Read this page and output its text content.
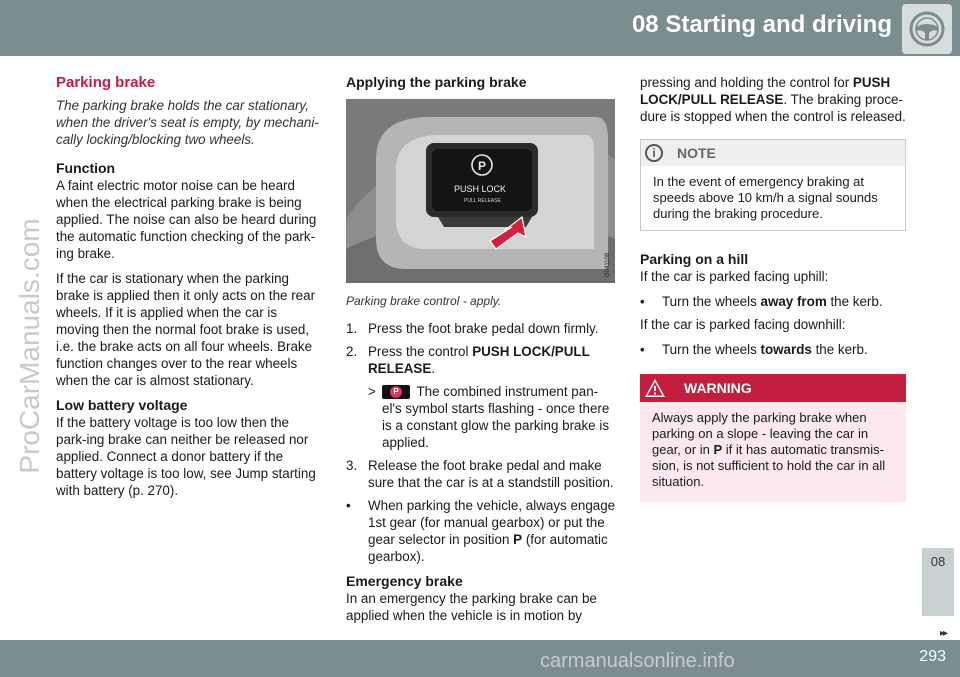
08 Starting and driving
ProCarManuals.com
Parking brake
The parking brake holds the car stationary, when the driver's seat is empty, by mechani-cally locking/blocking two wheels.
Function

A faint electric motor noise can be heard when the electrical parking brake is being applied. The noise can also be heard during the automatic function checking of the park-ing brake.

If the car is stationary when the parking brake is applied then it only acts on the rear wheels. If it is applied when the car is moving then the normal foot brake is used, i.e. the brake acts on all four wheels. Brake function changes over to the rear wheels when the car is almost stationary.

Low battery voltage

If the battery voltage is too low then the park-ing brake can neither be released nor applied. Connect a donor battery if the battery voltage is too low, see Jump starting with battery (p. 270).

Applying the parking brake
P
PUSH LOCK
PULL RELEASE
G041108
Parking brake control - apply.
1. Press the foot brake pedal down firmly.
2. Press the control PUSH LOCK/PULL RELEASE.
>	P The combined instrument pan-el's symbol starts flashing - once there is a constant glow the parking brake is applied.
3. Release the foot brake pedal and make sure that the car is at a standstill position.
•	When parking the vehicle, always engage 1st gear (for manual gearbox) or put the gear selector in position P (for automatic gearbox).
Emergency brake

In an emergency the parking brake can be applied when the vehicle is in motion by

pressing and holding the control for PUSH LOCK/PULL RELEASE. The braking proce-dure is stopped when the control is released.

i	NOTE
In the event of emergency braking at speeds above 10 km/h a signal sounds during the braking procedure.
Parking on a hill

If the car is parked facing uphill:

•	Turn the wheels away from the kerb.

If the car is parked facing downhill:

•	Turn the wheels towards the kerb.
WARNING
Always apply the parking brake when parking on a slope - leaving the car in gear, or in P if it has automatic transmis-sion, is not sufficient to hold the car in all situation.
08
▸▸
carmanualsonline.info	293
